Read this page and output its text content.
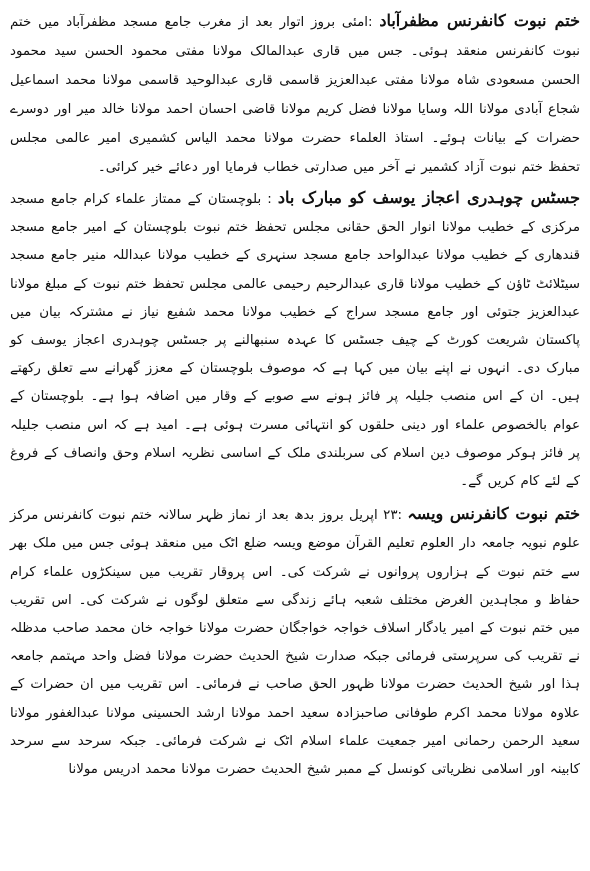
ختم نبوت کانفرنس مظفرآباد :امئی بروز اتوار بعد از مغرب جامع مسجد مظفرآباد میں ختم نبوت کانفرنس منعقد ہوئی۔ جس میں قاری عبدالمالک مولانا مفتی محمود الحسن سید محمود الحسن مسعودی شاہ مولانا مفتی عبدالعزیز قاسمی قاری عبدالوحید قاسمی مولانا محمد اسماعیل شجاع آبادی مولانا اللہ وسایا مولانا فضل کریم مولانا قاضی احسان احمد مولانا خالد میر اور دوسرے حضرات کے بیانات ہوئے۔ استاذ العلماء حضرت مولانا محمد الیاس کشمیری امیر عالمی مجلس تحفظ ختم نبوت آزاد کشمیر نے آخر میں صدارتی خطاب فرمایا اور دعائے خیر کرائی۔

جسٹس چوہدری اعجاز یوسف کو مبارک باد : بلوچستان کے ممتاز علماء کرام جامع مسجد مرکزی کے خطیب مولانا انوار الحق حقانی مجلس تحفظ ختم نبوت بلوچستان کے امیر جامع مسجد قندھاری کے خطیب مولانا عبدالواحد جامع مسجد سنہری کے خطیب مولانا عبداللہ منیر جامع مسجد سیٹلائٹ ٹاؤن کے خطیب مولانا قاری عبدالرحیم رحیمی عالمی مجلس تحفظ ختم نبوت کے مبلغ مولانا عبدالعزیز جتوئی اور جامع مسجد سراج کے خطیب مولانا محمد شفیع نیاز نے مشترکہ بیان میں پاکستان شریعت کورٹ کے چیف جسٹس کا عہدہ سنبھالنے پر جسٹس چوہدری اعجاز یوسف کو مبارک دی۔ انہوں نے اپنے بیان میں کہا ہے کہ موصوف بلوچستان کے معزز گھرانے سے تعلق رکھتے ہیں۔ ان کے اس منصب جلیلہ پر فائز ہونے سے صوبے کے وقار میں اضافہ ہوا ہے۔ بلوچستان کے عوام بالخصوص علماء اور دینی حلقوں کو انتہائی مسرت ہوئی ہے۔ امید ہے کہ اس منصب جلیلہ پر فائز ہوکر موصوف دین اسلام کی سربلندی ملک کے اساسی نظریہ اسلام وحق وانصاف کے فروغ کے لئے کام کریں گے۔

ختم نبوت کانفرنس ویسہ :۲۳ اپریل بروز بدھ بعد از نماز ظہر سالانہ ختم نبوت کانفرنس مرکز علوم نبویہ جامعہ دار العلوم تعلیم القرآن موضع ویسہ ضلع اٹک میں منعقد ہوئی جس میں ملک بھر سے ختم نبوت کے ہزاروں پروانوں نے شرکت کی۔ اس پروقار تقریب میں سینکڑوں علماء کرام حفاظ و مجاہدین الغرض مختلف شعبہ ہائے زندگی سے متعلق لوگوں نے شرکت کی۔ اس تقریب میں ختم نبوت کے امیر یادگار اسلاف خواجہ خواجگان حضرت مولانا خواجہ خان محمد صاحب مدظلہ نے تقریب کی سرپرستی فرمائی جبکہ صدارت شیخ الحدیث حضرت مولانا فضل واحد مہتمم جامعہ ہذا اور شیخ الحدیث حضرت مولانا ظہور الحق صاحب نے فرمائی۔ اس تقریب میں ان حضرات کے علاوہ مولانا محمد اکرم طوفانی صاحبزادہ سعید احمد مولانا ارشد الحسینی مولانا عبدالغفور مولانا سعید الرحمن رحمانی امیر جمعیت علماء اسلام اٹک نے شرکت فرمائی۔ جبکہ سرحد سے سرحد کابینہ اور اسلامی نظریاتی کونسل کے ممبر شیخ الحدیث حضرت مولانا محمد ادریس مولانا
